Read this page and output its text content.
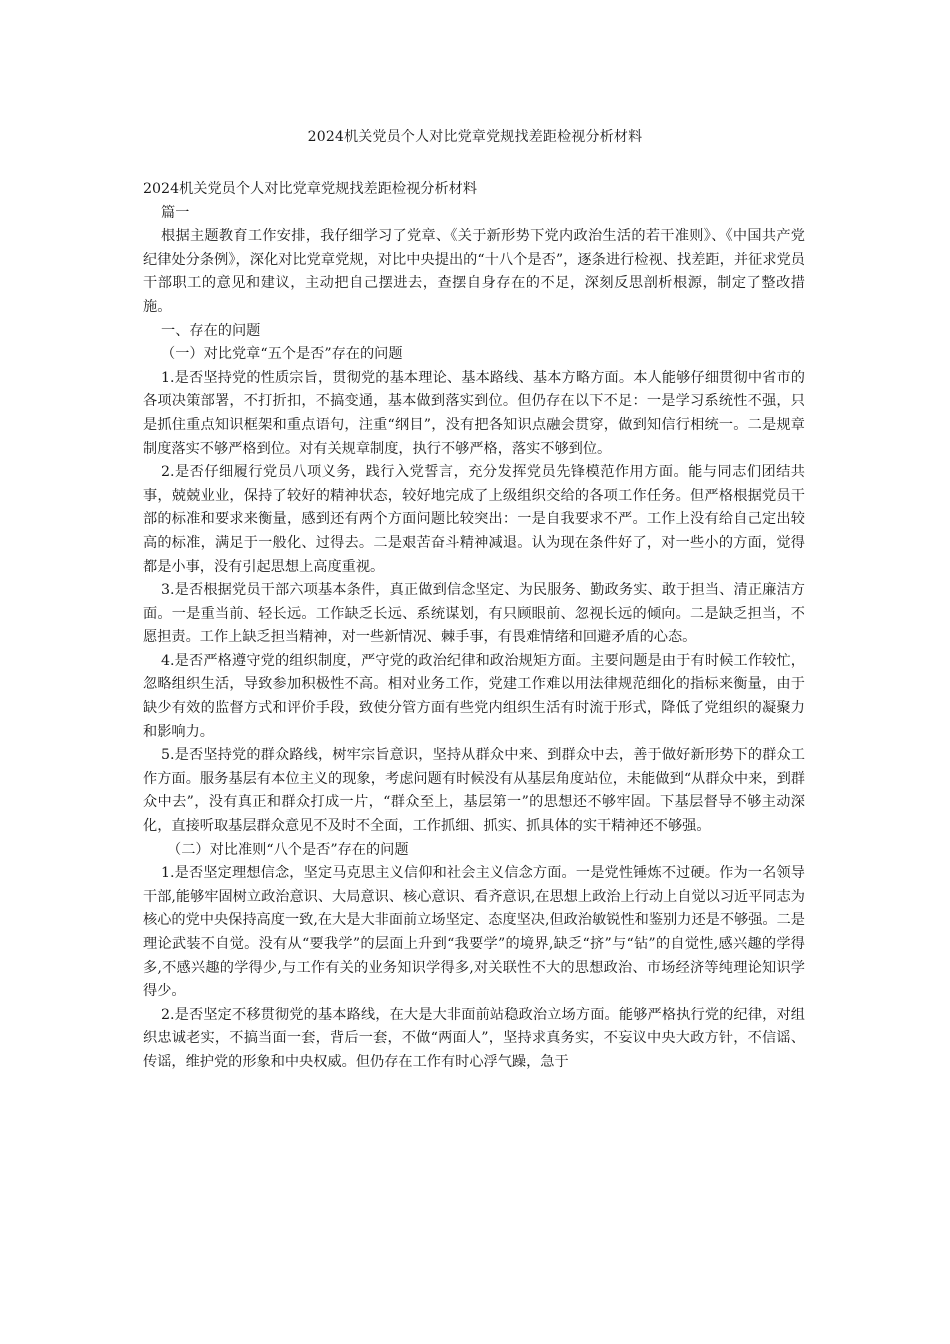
2024机关党员个人对比党章党规找差距检视分析材料

2024机关党员个人对比党章党规找差距检视分析材料

篇一

根据主题教育工作安排，我仔细学习了党章、《关于新形势下党内政治生活的若干准则》、《中国共产党纪律处分条例》，深化对比党章党规，对比中央提出的“十八个是否”，逐条进行检视、找差距，并征求党员干部职工的意见和建议，主动把自己摆进去，查摆自身存在的不足，深刻反思剖析根源，制定了整改措施。

一、存在的问题

（一）对比党章“五个是否”存在的问题

1.是否坚持党的性质宗旨，贯彻党的基本理论、基本路线、基本方略方面。本人能够仔细贯彻中省市的各项决策部署，不打折扣，不搞变通，基本做到落实到位。但仍存在以下不足：一是学习系统性不强，只是抓住重点知识框架和重点语句，注重“纲目”，没有把各知识点融会贯穿，做到知信行相统一。二是规章制度落实不够严格到位。对有关规章制度，执行不够严格，落实不够到位。

2.是否仔细履行党员八项义务，践行入党誓言，充分发挥党员先锋模范作用方面。能与同志们团结共事，兢兢业业，保持了较好的精神状态，较好地完成了上级组织交给的各项工作任务。但严格根据党员干部的标准和要求来衡量，感到还有两个方面问题比较突出：一是自我要求不严。工作上没有给自己定出较高的标准，满足于一般化、过得去。二是艰苦奋斗精神减退。认为现在条件好了，对一些小的方面，觉得都是小事，没有引起思想上高度重视。

3.是否根据党员干部六项基本条件，真正做到信念坚定、为民服务、勤政务实、敢于担当、清正廉洁方面。一是重当前、轻长远。工作缺乏长远、系统谋划，有只顾眼前、忽视长远的倾向。二是缺乏担当，不愿担责。工作上缺乏担当精神，对一些新情况、棘手事，有畏难情绪和回避矛盾的心态。

4.是否严格遵守党的组织制度，严守党的政治纪律和政治规矩方面。主要问题是由于有时候工作较忙，忽略组织生活，导致参加积极性不高。相对业务工作，党建工作难以用法律规范细化的指标来衡量，由于缺少有效的监督方式和评价手段，致使分管方面有些党内组织生活有时流于形式，降低了党组织的凝聚力和影响力。

5.是否坚持党的群众路线，树牢宗旨意识，坚持从群众中来、到群众中去，善于做好新形势下的群众工作方面。服务基层有本位主义的现象，考虑问题有时候没有从基层角度站位，未能做到“从群众中来，到群众中去”，没有真正和群众打成一片，“群众至上，基层第一”的思想还不够牢固。下基层督导不够主动深化，直接听取基层群众意见不及时不全面，工作抓细、抓实、抓具体的实干精神还不够强。

（二）对比准则“八个是否”存在的问题

1.是否坚定理想信念，坚定马克思主义信仰和社会主义信念方面。一是党性锤炼不过硬。作为一名领导干部,能够牢固树立政治意识、大局意识、核心意识、看齐意识,在思想上政治上行动上自觉以习近平同志为核心的党中央保持高度一致,在大是大非面前立场坚定、态度坚决,但政治敏锐性和鉴别力还是不够强。二是理论武装不自觉。没有从“要我学”的层面上升到“我要学”的境界,缺乏“挤”与“钻”的自觉性,感兴趣的学得多,不感兴趣的学得少,与工作有关的业务知识学得多,对关联性不大的思想政治、市场经济等纯理论知识学得少。

2.是否坚定不移贯彻党的基本路线，在大是大非面前站稳政治立场方面。能够严格执行党的纪律，对组织忠诚老实，不搞当面一套，背后一套，不做“两面人”，坚持求真务实，不妄议中央大政方针，不信谣、传谣，维护党的形象和中央权威。但仍存在工作有时心浮气躁，急于
